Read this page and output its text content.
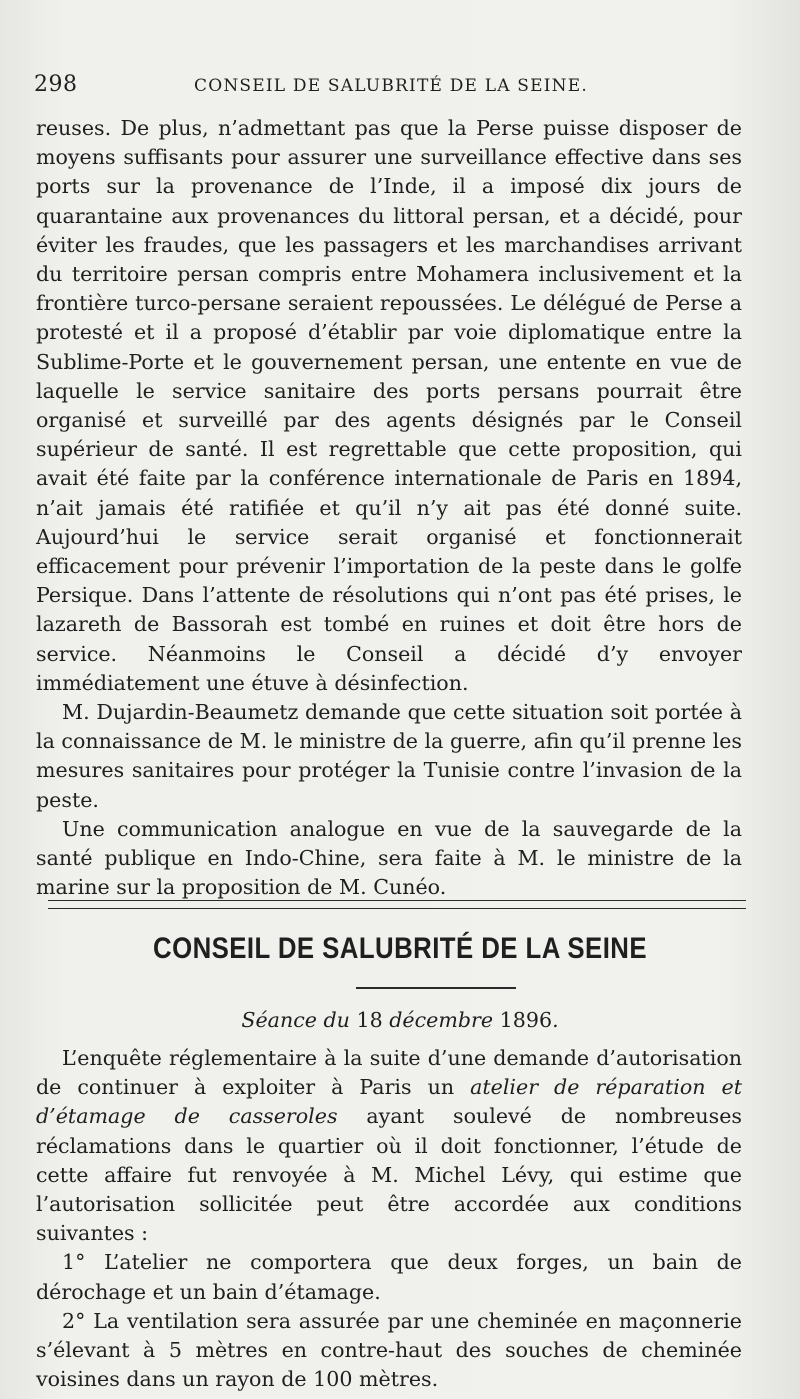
298	CONSEIL DE SALUBRITÉ DE LA SEINE.

reuses. De plus, n’admettant pas que la Perse puisse disposer de moyens suffisants pour assurer une surveillance effective dans ses ports sur la provenance de l’Inde, il a imposé dix jours de quarantaine aux provenances du littoral persan, et a décidé, pour éviter les fraudes, que les passagers et les marchandises arrivant du territoire persan compris entre Mohamera inclusivement et la frontière turco-persane seraient repoussées. Le délégué de Perse a protesté et il a proposé d’établir par voie diplomatique entre la Sublime-Porte et le gouvernement persan, une entente en vue de laquelle le service sanitaire des ports persans pourrait être organisé et surveillé par des agents désignés par le Conseil supérieur de santé. Il est regrettable que cette proposition, qui avait été faite par la conférence internationale de Paris en 1894, n’ait jamais été ratifiée et qu’il n’y ait pas été donné suite. Aujourd’hui le service serait organisé et fonctionnerait efficacement pour prévenir l’importation de la peste dans le golfe Persique. Dans l’attente de résolutions qui n’ont pas été prises, le lazareth de Bassorah est tombé en ruines et doit être hors de service. Néanmoins le Conseil a décidé d’y envoyer immédiatement une étuve à désinfection.

M. Dujardin-Beaumetz demande que cette situation soit portée à la connaissance de M. le ministre de la guerre, afin qu’il prenne les mesures sanitaires pour protéger la Tunisie contre l’invasion de la peste.

Une communication analogue en vue de la sauvegarde de la santé publique en Indo-Chine, sera faite à M. le ministre de la marine sur la proposition de M. Cunéo.

CONSEIL DE SALUBRITÉ DE LA SEINE
Séance du 18 décembre 1896.

L’enquête réglementaire à la suite d’une demande d’autorisation de continuer à exploiter à Paris un atelier de réparation et d’étamage de casseroles ayant soulevé de nombreuses réclamations dans le quartier où il doit fonctionner, l’étude de cette affaire fut renvoyée à M. Michel Lévy, qui estime que l’autorisation sollicitée peut être accordée aux conditions suivantes :

1° L’atelier ne comportera que deux forges, un bain de dérochage et un bain d’étamage.

2° La ventilation sera assurée par une cheminée en maçonnerie s’élevant à 5 mètres en contre-haut des souches de cheminée voisines dans un rayon de 100 mètres.
